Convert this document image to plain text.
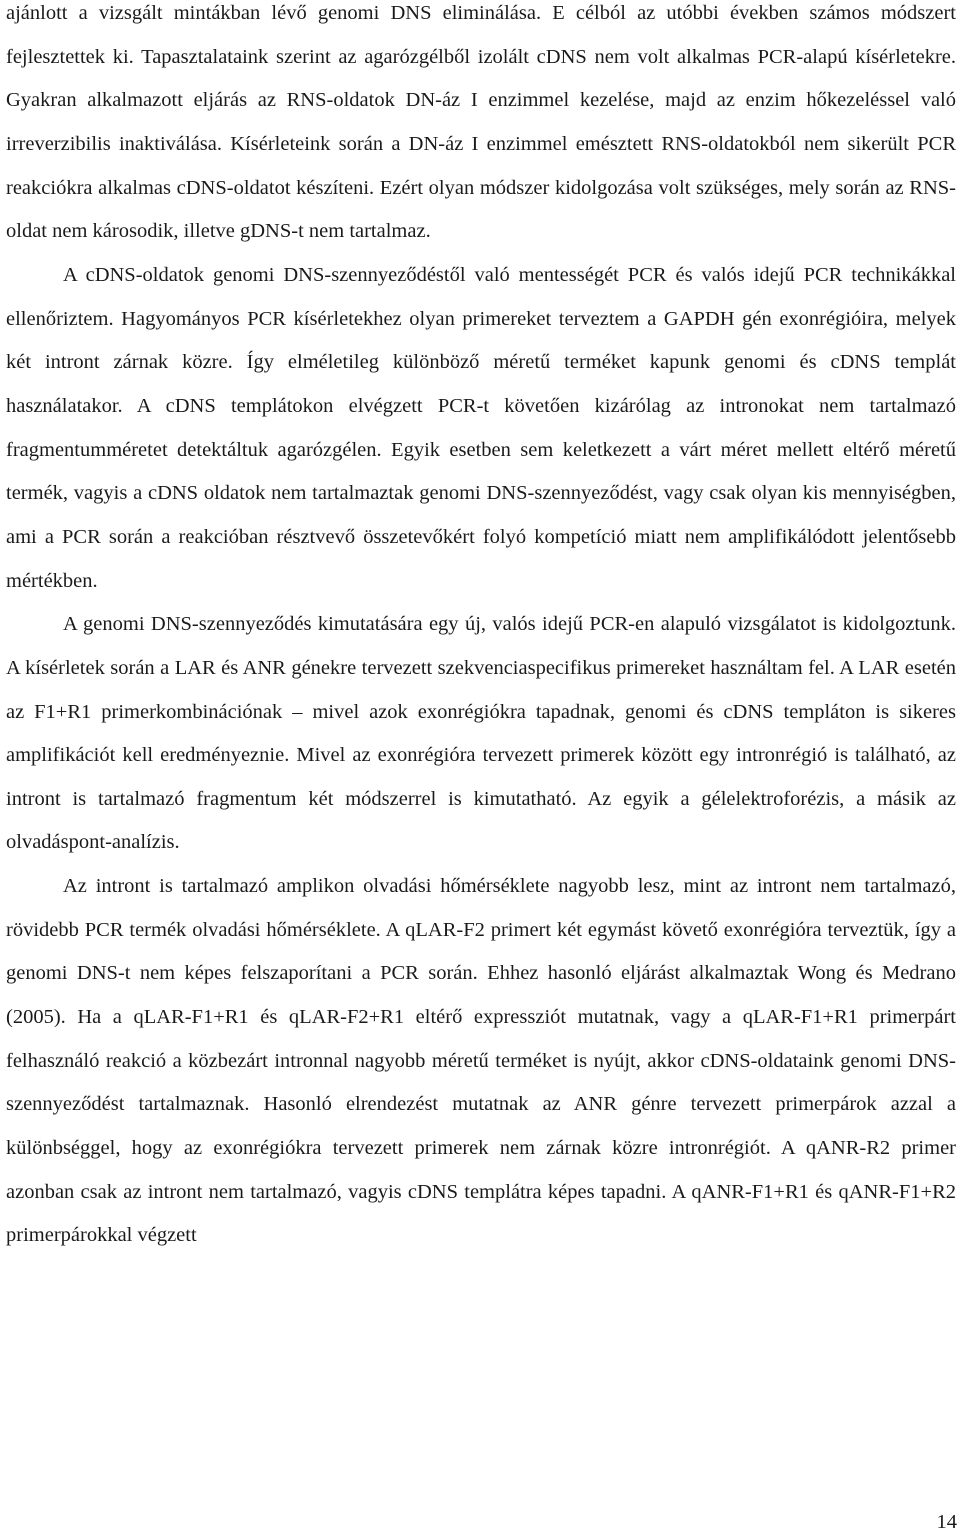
ajánlott a vizsgált mintákban lévő genomi DNS eliminálása. E célból az utóbbi években számos módszert fejlesztettek ki. Tapasztalataink szerint az agarózgélből izolált cDNS nem volt alkalmas PCR-alapú kísérletekre. Gyakran alkalmazott eljárás az RNS-oldatok DN-áz I enzimmel kezelése, majd az enzim hőkezeléssel való irreverzibilis inaktiválása. Kísérleteink során a DN-áz I enzimmel emésztett RNS-oldatokból nem sikerült PCR reakciókra alkalmas cDNS-oldatot készíteni. Ezért olyan módszer kidolgozása volt szükséges, mely során az RNS-oldat nem károsodik, illetve gDNS-t nem tartalmaz.

A cDNS-oldatok genomi DNS-szennyeződéstől való mentességét PCR és valós idejű PCR technikákkal ellenőriztem. Hagyományos PCR kísérletekhez olyan primereket terveztem a GAPDH gén exonrégióira, melyek két intront zárnak közre. Így elméletileg különböző méretű terméket kapunk genomi és cDNS templát használatakor. A cDNS templátokon elvégzett PCR-t követően kizárólag az intronokat nem tartalmazó fragmentumméretet detektáltuk agarózgélen. Egyik esetben sem keletkezett a várt méret mellett eltérő méretű termék, vagyis a cDNS oldatok nem tartalmaztak genomi DNS-szennyeződést, vagy csak olyan kis mennyiségben, ami a PCR során a reakcióban résztvevő összetevőkért folyó kompetíció miatt nem amplifikálódott jelentősebb mértékben.

A genomi DNS-szennyeződés kimutatására egy új, valós idejű PCR-en alapuló vizsgálatot is kidolgoztunk. A kísérletek során a LAR és ANR génekre tervezett szekvenciaspecifikus primereket használtam fel. A LAR esetén az F1+R1 primerkombinációnak – mivel azok exonrégiókra tapadnak, genomi és cDNS templáton is sikeres amplifikációt kell eredményeznie. Mivel az exonrégióra tervezett primerek között egy intronrégió is található, az intront is tartalmazó fragmentum két módszerrel is kimutatható. Az egyik a gélelektroforézis, a másik az olvadáspont-analízis.

Az intront is tartalmazó amplikon olvadási hőmérséklete nagyobb lesz, mint az intront nem tartalmazó, rövidebb PCR termék olvadási hőmérséklete. A qLAR-F2 primert két egymást követő exonrégióra terveztük, így a genomi DNS-t nem képes felszaporítani a PCR során. Ehhez hasonló eljárást alkalmaztak Wong és Medrano (2005). Ha a qLAR-F1+R1 és qLAR-F2+R1 eltérő expressziót mutatnak, vagy a qLAR-F1+R1 primerpárt felhasználó reakció a közbezárt intronnal nagyobb méretű terméket is nyújt, akkor cDNS-oldataink genomi DNS-szennyeződést tartalmaznak. Hasonló elrendezést mutatnak az ANR génre tervezett primerpárok azzal a különbséggel, hogy az exonrégiókra tervezett primerek nem zárnak közre intronrégiót. A qANR-R2 primer azonban csak az intront nem tartalmazó, vagyis cDNS templátra képes tapadni. A qANR-F1+R1 és qANR-F1+R2 primerpárokkal végzett

14
